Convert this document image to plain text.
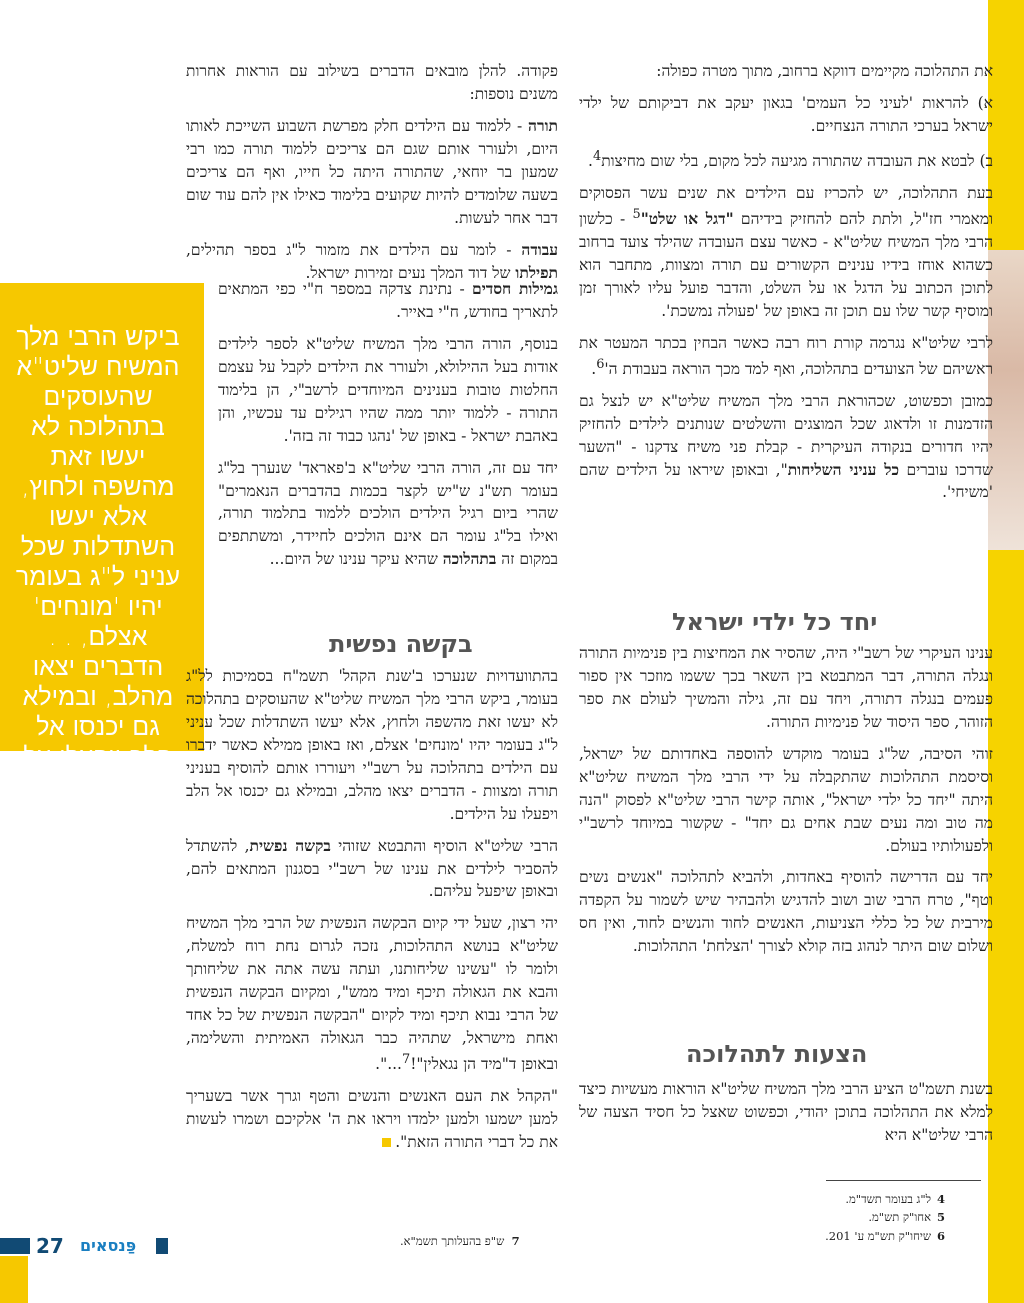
ביקש הרבי מלך המשיח שליט"א שהעוסקים בתהלוכה לא יעשו זאת מהשפה ולחוץ, אלא יעשו השתדלות שכל עניני ל"ג בעומר יהיו 'מונחים' אצלם, . . הדברים יצאו מהלב, ובמילא גם יכנסו אל הלב ויפעלו על הילדים.

את התהלוכה מקיימים דווקא ברחוב, מתוך מטרה כפולה:

א) להראות 'לעיני כל העמים' בגאון יעקב את דביקותם של ילדי ישראל בערכי התורה הנצחיים.

ב) לבטא את העובדה שהתורה מגיעה לכל מקום, בלי שום מחיצות$^4$.

בעת התהלוכה, יש להכריז עם הילדים את שנים עשר הפסוקים ומאמרי חז"ל, ולתת להם להחזיק בידיהם "דגל או שלט"$^5$ - כלשון הרבי מלך המשיח שליט"א - כאשר עצם העובדה שהילד צועד ברחוב כשהוא אוחז בידיו ענינים הקשורים עם תורה ומצוות, מתחבר הוא לתוכן הכתוב על הדגל או על השלט, והדבר פועל עליו לאורך זמן ומוסיף קשר שלו עם תוכן זה באופן של 'פעולה נמשכת'.

לרבי שליט"א נגרמה קורת רוח רבה כאשר הבחין בכתר המעטר את ראשיהם של הצועדים בתהלוכה, ואף למד מכך הוראה בעבודת $ה'^6$.

כמובן וכפשוט, שכהוראת הרבי מלך המשיח שליט"א יש לנצל גם הזדמנות זו ולדאוג שכל המוצגים והשלטים שנותנים לילדים להחזיק יהיו חדורים בנקודה העיקרית - קבלת פני משיח צדקנו - "השער שדרכו עוברים כל עניני השליחות", ובאופן שיראו על הילדים שהם 'משיחי'.

יחד כל ילדי ישראל

ענינו העיקרי של רשב"י היה, שהסיר את המחיצות בין פנימיות התורה ונגלה התורה, דבר המתבטא בין השאר בכך ששמו מוזכר אין ספור פעמים בנגלה דתורה, ויחד עם זה, גילה והמשיך לעולם את ספר הזוהר, ספר היסוד של פנימיות התורה.

זוהי הסיבה, של"ג בעומר מוקדש להוספה באחדותם של ישראל, וסיסמת התהלוכות שהתקבלה על ידי הרבי מלך המשיח שליט"א היתה "יחד כל ילדי ישראל", אותה קישר הרבי שליט"א לפסוק "הנה מה טוב ומה נעים שבת אחים גם יחד" - שקשור במיוחד לרשב"י ולפעולותיו בעולם.

יחד עם הדרישה להוסיף באחדות, ולהביא לתהלוכה "אנשים נשים וטף", טרח הרבי שוב ושוב להדגיש ולהבהיר שיש לשמור על הקפדה מירבית של כל כללי הצניעות, האנשים לחוד והנשים לחוד, ואין חס ושלום שום היתר לנהוג בזה קולא לצורך 'הצלחת' התהלוכות.

הצעות לתהלוכה

בשנת תשמ"ט הציע הרבי מלך המשיח שליט"א הוראות מעשיות כיצד למלא את התהלוכה בתוכן יהודי, וכפשוט שאצל כל חסיד הצעה של הרבי שליט"א היא

4ל"ג בעומר תשד"מ.
5אחו"ק תש"מ.
6שיחו"ק תש"מ ע' 201.

פקודה. להלן מובאים הדברים בשילוב עם הוראות אחרות משנים נוספות:

תורה - ללמוד עם הילדים חלק מפרשת השבוע השייכת לאותו היום, ולעורר אותם שגם הם צריכים ללמוד תורה כמו רבי שמעון בר יוחאי, שהתורה היתה כל חייו, ואף הם צריכים בשעה שלומדים להיות שקועים בלימוד כאילו אין להם עוד שום דבר אחר לעשות.

עבודה - לומר עם הילדים את מזמור ל"ג בספר תהילים, תפילתו של דוד המלך נעים זמירות ישראל.

גמילות חסדים - נתינת צדקה במספר ח"י כפי המתאים לתאריך בחודש, ח"י באייר.

בנוסף, הורה הרבי מלך המשיח שליט"א לספר לילדים אודות בעל ההילולא, ולעורר את הילדים לקבל על עצמם החלטות טובות בענינים המיוחדים לרשב"י, הן בלימוד התורה - ללמוד יותר ממה שהיו רגילים עד עכשיו, והן באהבת ישראל - באופן של 'נהגו כבוד זה בזה'.

יחד עם זה, הורה הרבי שליט"א ב'פאראד' שנערך בל"ג בעומר תש"נ ש"יש לקצר בכמות בהדברים הנאמרים" שהרי ביום רגיל הילדים הולכים ללמוד בתלמוד תורה, ואילו בל"ג עומר הם אינם הולכים לחיידר, ומשתתפים במקום זה בתהלוכה שהיא עיקר ענינו של היום...

בקשה נפשית

בהתוועדויות שנערכו ב'שנת הקהל' תשמ"ח בסמיכות לל"ג בעומר, ביקש הרבי מלך המשיח שליט"א שהעוסקים בתהלוכה לא יעשו זאת מהשפה ולחוץ, אלא יעשו השתדלות שכל עניני ל"ג בעומר יהיו 'מונחים' אצלם, ואז באופן ממילא כאשר ידברו עם הילדים בתהלוכה על רשב"י ויעוררו אותם להוסיף בעניני תורה ומצוות - הדברים יצאו מהלב, ובמילא גם יכנסו אל הלב ויפעלו על הילדים.

הרבי שליט"א הוסיף והתבטא שזוהי בקשה נפשית, להשתדל להסביר לילדים את ענינו של רשב"י בסגנון המתאים להם, ובאופן שיפעל עליהם.

יהי רצון, שעל ידי קיום הבקשה הנפשית של הרבי מלך המשיח שליט"א בנושא התהלוכות, נזכה לגרום נחת רוח למשלח, ולומר לו "עשינו שליחותנו, ועתה עשה אתה את שליחותך והבא את הגאולה תיכף ומיד ממש", ומקיום הבקשה הנפשית של הרבי נבוא תיכף ומיד לקיום "הבקשה הנפשית של כל אחד ואחת מישראל, שתהיה כבר הגאולה האמיתית והשלימה, ובאופן ד"מיד הן נגאלין"!$^7$...".

"הקהל את העם האנשים והנשים והטף וגרך אשר בשעריך למען ישמעו ולמען ילמדו ויראו את ה' אלקיכם ושמרו לעשות את כל דברי התורה הזאת".

7  ש"פ בהעלותך תשמ"א.
27 פַּנסאים
